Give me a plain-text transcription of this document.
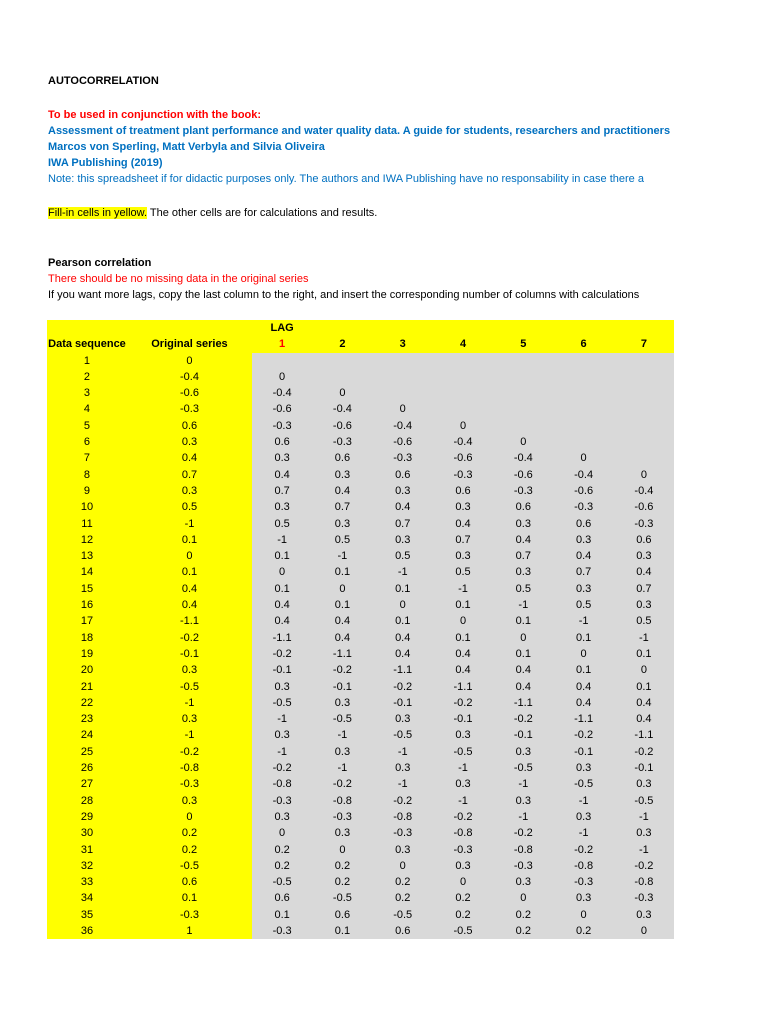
AUTOCORRELATION
To be used in conjunction with the book:
Assessment of treatment plant performance and water quality data. A guide for students, researchers and practitioners
Marcos von Sperling, Matt Verbyla and Silvia Oliveira
IWA Publishing (2019)
Note: this spreadsheet if for didactic purposes only. The authors and IWA Publishing have no responsability in case there a
Fill-in cells in yellow. The other cells are for calculations and results.
Pearson correlation
There should be no missing data in the original series
If you want more lags, copy the last column to the right, and insert the corresponding number of columns with calculations
LAG
Data sequence	Original series	1	2	3	4	5	6	7
1	0
2	-0.4	0
3	-0.6	-0.4	0
4	-0.3	-0.6	-0.4	0
5	0.6	-0.3	-0.6	-0.4	0
6	0.3	0.6	-0.3	-0.6	-0.4	0
7	0.4	0.3	0.6	-0.3	-0.6	-0.4	0
8	0.7	0.4	0.3	0.6	-0.3	-0.6	-0.4	0
9	0.3	0.7	0.4	0.3	0.6	-0.3	-0.6	-0.4
10	0.5	0.3	0.7	0.4	0.3	0.6	-0.3	-0.6
11	-1	0.5	0.3	0.7	0.4	0.3	0.6	-0.3
12	0.1	-1	0.5	0.3	0.7	0.4	0.3	0.6
13	0	0.1	-1	0.5	0.3	0.7	0.4	0.3
14	0.1	0	0.1	-1	0.5	0.3	0.7	0.4
15	0.4	0.1	0	0.1	-1	0.5	0.3	0.7
16	0.4	0.4	0.1	0	0.1	-1	0.5	0.3
17	-1.1	0.4	0.4	0.1	0	0.1	-1	0.5
18	-0.2	-1.1	0.4	0.4	0.1	0	0.1	-1
19	-0.1	-0.2	-1.1	0.4	0.4	0.1	0	0.1
20	0.3	-0.1	-0.2	-1.1	0.4	0.4	0.1	0
21	-0.5	0.3	-0.1	-0.2	-1.1	0.4	0.4	0.1
22	-1	-0.5	0.3	-0.1	-0.2	-1.1	0.4	0.4
23	0.3	-1	-0.5	0.3	-0.1	-0.2	-1.1	0.4
24	-1	0.3	-1	-0.5	0.3	-0.1	-0.2	-1.1
25	-0.2	-1	0.3	-1	-0.5	0.3	-0.1	-0.2
26	-0.8	-0.2	-1	0.3	-1	-0.5	0.3	-0.1
27	-0.3	-0.8	-0.2	-1	0.3	-1	-0.5	0.3
28	0.3	-0.3	-0.8	-0.2	-1	0.3	-1	-0.5
29	0	0.3	-0.3	-0.8	-0.2	-1	0.3	-1
30	0.2	0	0.3	-0.3	-0.8	-0.2	-1	0.3
31	0.2	0.2	0	0.3	-0.3	-0.8	-0.2	-1
32	-0.5	0.2	0.2	0	0.3	-0.3	-0.8	-0.2
33	0.6	-0.5	0.2	0.2	0	0.3	-0.3	-0.8
34	0.1	0.6	-0.5	0.2	0.2	0	0.3	-0.3
35	-0.3	0.1	0.6	-0.5	0.2	0.2	0	0.3
36	1	-0.3	0.1	0.6	-0.5	0.2	0.2	0
